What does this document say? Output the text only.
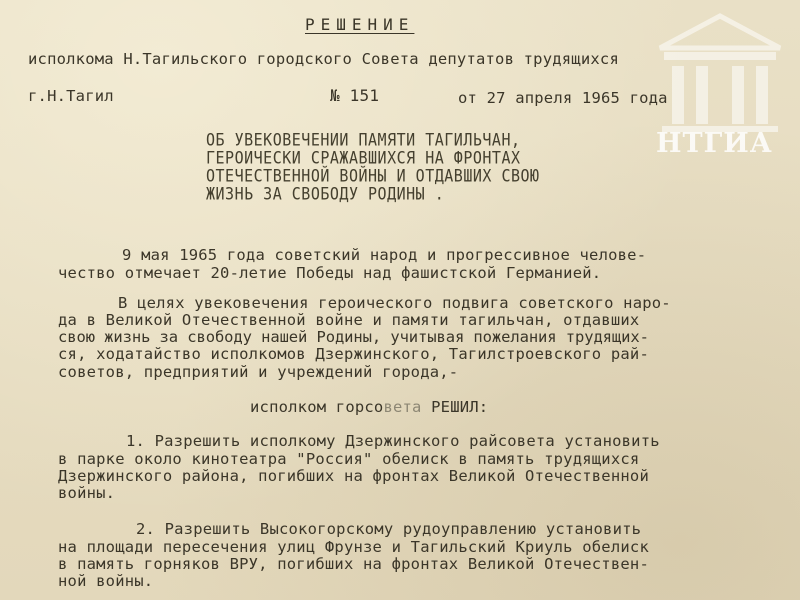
НТГИА
РЕШЕНИЕ
исполкома Н.Тагильского городского Совета депутатов трудящихся
г.Н.Тагил	№ 151	от 27 апреля 1965 года
ОБ УВЕКОВЕЧЕНИИ ПАМЯТИ ТАГИЛЬЧАН,
ГЕРОИЧЕСКИ СРАЖАВШИХСЯ НА ФРОНТАХ
ОТЕЧЕСТВЕННОЙ ВОЙНЫ И ОТДАВШИХ СВОЮ
ЖИЗНЬ ЗА СВОБОДУ РОДИНЫ .
9 мая 1965 года советский народ и прогрессивное челове-
чество отмечает 20-летие Победы над фашистской Германией.
В целях увековечения героического подвига советского наро-
да в Великой Отечественной войне и памяти тагильчан, отдавших
свою жизнь за свободу нашей Родины, учитывая пожелания трудящих-
ся, ходатайство исполкомов Дзержинского, Тагилстроевского рай-
советов, предприятий и учреждений города,-
исполком горсовета РЕШИЛ:
1. Разрешить исполкому Дзержинского райсовета установить
в парке около кинотеатра "Россия" обелиск в память трудящихся
Дзержинского района, погибших на фронтах Великой Отечественной
войны.
2. Разрешить Высокогорскому рудоуправлению установить
на площади пересечения улиц Фрунзе и Тагильский Криуль обелиск
в память горняков ВРУ, погибших на фронтах Великой Отечествен-
ной войны.
